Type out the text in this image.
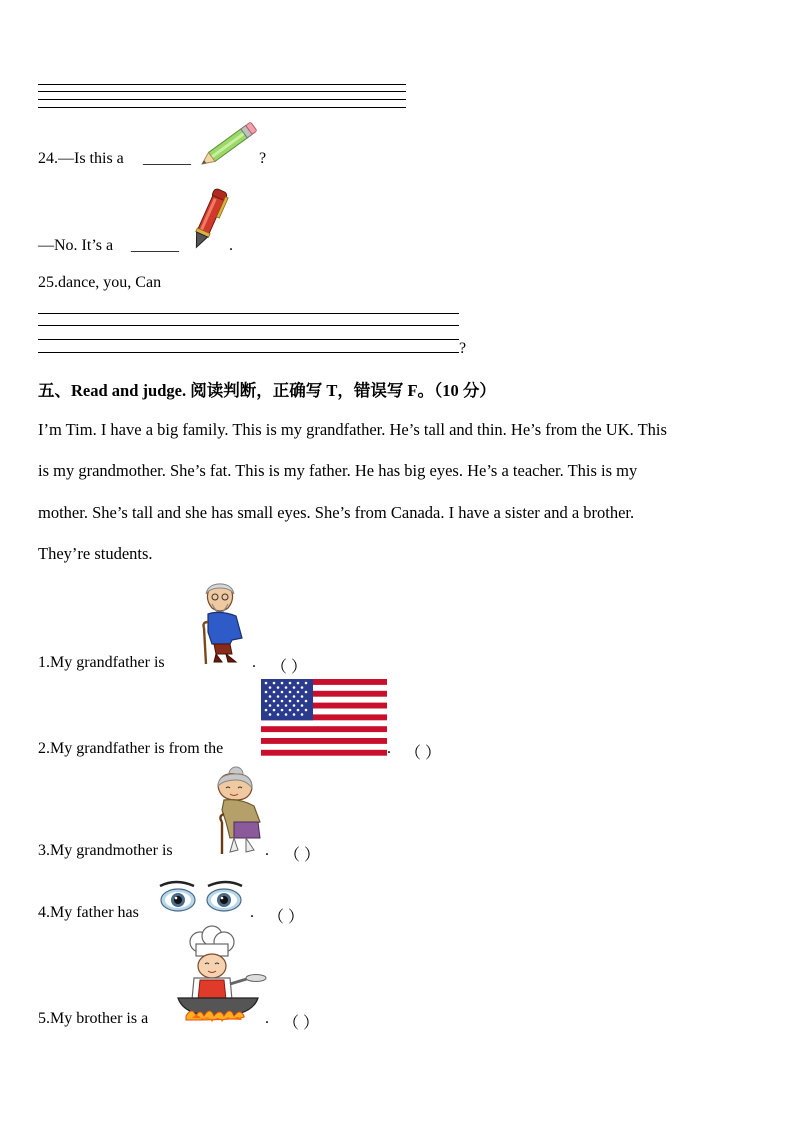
24.—Is this a ______	?
—No. It’s a ______	.
25.dance, you, Can
?
五、Read and judge. 阅读判断，正确写 T，错误写 F。（10 分）
I’m Tim. I have a big family. This is my grandfather. He’s tall and thin. He’s from the UK. This
is my grandmother. She’s fat. This is my father. He has big eyes. He’s a teacher. This is my
mother. She’s tall and she has small eyes. She’s from Canada. I have a sister and a brother.
They’re students.
1.My grandfather is	. （ ）
2.My grandfather is from the	. （ ）
3.My grandmother is	. （ ）
4.My father has	. （ ）
5.My brother is a	. （ ）
